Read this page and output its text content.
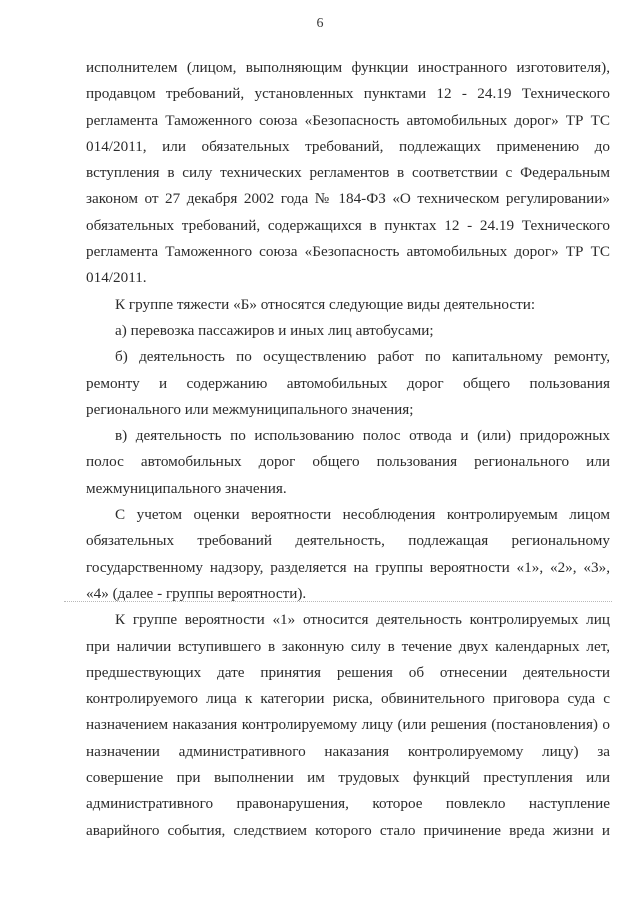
6
исполнителем (лицом, выполняющим функции иностранного изготовителя),
продавцом требований, установленных пунктами 12 - 24.19 Технического
регламента Таможенного союза «Безопасность автомобильных дорог» ТР ТС
014/2011, или обязательных требований, подлежащих применению до
вступления в силу технических регламентов в соответствии с Федеральным
законом от 27 декабря 2002 года № 184-ФЗ «О техническом регулировании»
обязательных требований, содержащихся в пунктах 12 - 24.19 Технического
регламента Таможенного союза «Безопасность автомобильных дорог» ТР ТС
014/2011.
К группе тяжести «Б» относятся следующие виды деятельности:
а) перевозка пассажиров и иных лиц автобусами;
б) деятельность по осуществлению работ по капитальному ремонту,
ремонту и содержанию автомобильных дорог общего пользования
регионального или межмуниципального значения;
в) деятельность по использованию полос отвода и (или) придорожных
полос автомобильных дорог общего пользования регионального или
межмуниципального значения.
С учетом оценки вероятности несоблюдения контролируемым лицом
обязательных требований деятельность, подлежащая региональному
государственному надзору, разделяется на группы вероятности «1», «2», «3»,
«4» (далее - группы вероятности).
К группе вероятности «1» относится деятельность контролируемых лиц
при наличии вступившего в законную силу в течение двух календарных лет,
предшествующих дате принятия решения об отнесении деятельности
контролируемого лица к категории риска, обвинительного приговора суда с
назначением наказания контролируемому лицу (или решения (постановления) о
назначении административного наказания контролируемому лицу) за
совершение при выполнении им трудовых функций преступления или
административного правонарушения, которое повлекло наступление
аварийного события, следствием которого стало причинение вреда жизни и
